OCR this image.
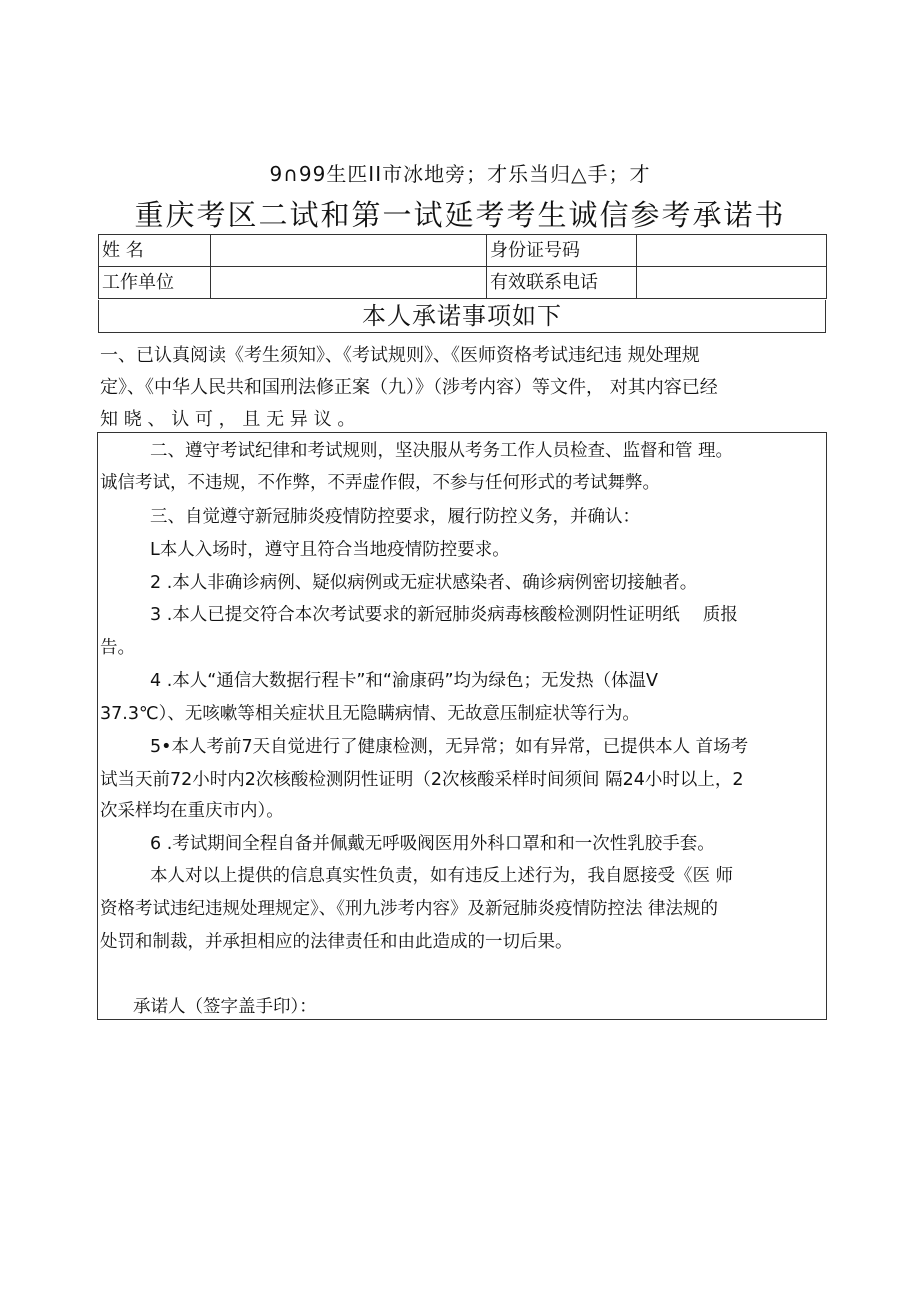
9∩99生匹II市冰地旁；才乐当归△手；才
重庆考区二试和第一试延考考生诚信参考承诺书
姓 名		身份证号码	
工作单位		有效联系电话	
本人承诺事项如下
一、已认真阅读《考生须知》、《考试规则》、《医师资格考试违纪违 规处理规
定》、《中华人民共和国刑法修正案（九）》（涉考内容）等文件， 对其内容已经
知 晓 、 认 可 ， 且 无 异 议 。
二、遵守考试纪律和考试规则，坚决服从考务工作人员检查、监督和管 理。
诚信考试，不违规，不作弊，不弄虚作假，不参与任何形式的考试舞弊。
三、自觉遵守新冠肺炎疫情防控要求，履行防控义务，并确认：
L本人入场时，遵守且符合当地疫情防控要求。
2 .本人非确诊病例、疑似病例或无症状感染者、确诊病例密切接触者。
3 .本人已提交符合本次考试要求的新冠肺炎病毒核酸检测阴性证明纸 　质报
告。
4 .本人“通信大数据行程卡”和“渝康码”均为绿色；无发热（体温V
37.3℃）、无咳嗽等相关症状且无隐瞒病情、无故意压制症状等行为。
5•本人考前7天自觉进行了健康检测，无异常；如有异常，已提供本人 首场考
试当天前72小时内2次核酸检测阴性证明（2次核酸采样时间须间 隔24小时以上，2
次采样均在重庆市内）。
6 .考试期间全程自备并佩戴无呼吸阀医用外科口罩和和一次性乳胶手套。
本人对以上提供的信息真实性负责，如有违反上述行为，我自愿接受《医 师
资格考试违纪违规处理规定》、《刑九涉考内容》及新冠肺炎疫情防控法 律法规的
处罚和制裁，并承担相应的法律责任和由此造成的一切后果。
承诺人（签字盖手印）：
